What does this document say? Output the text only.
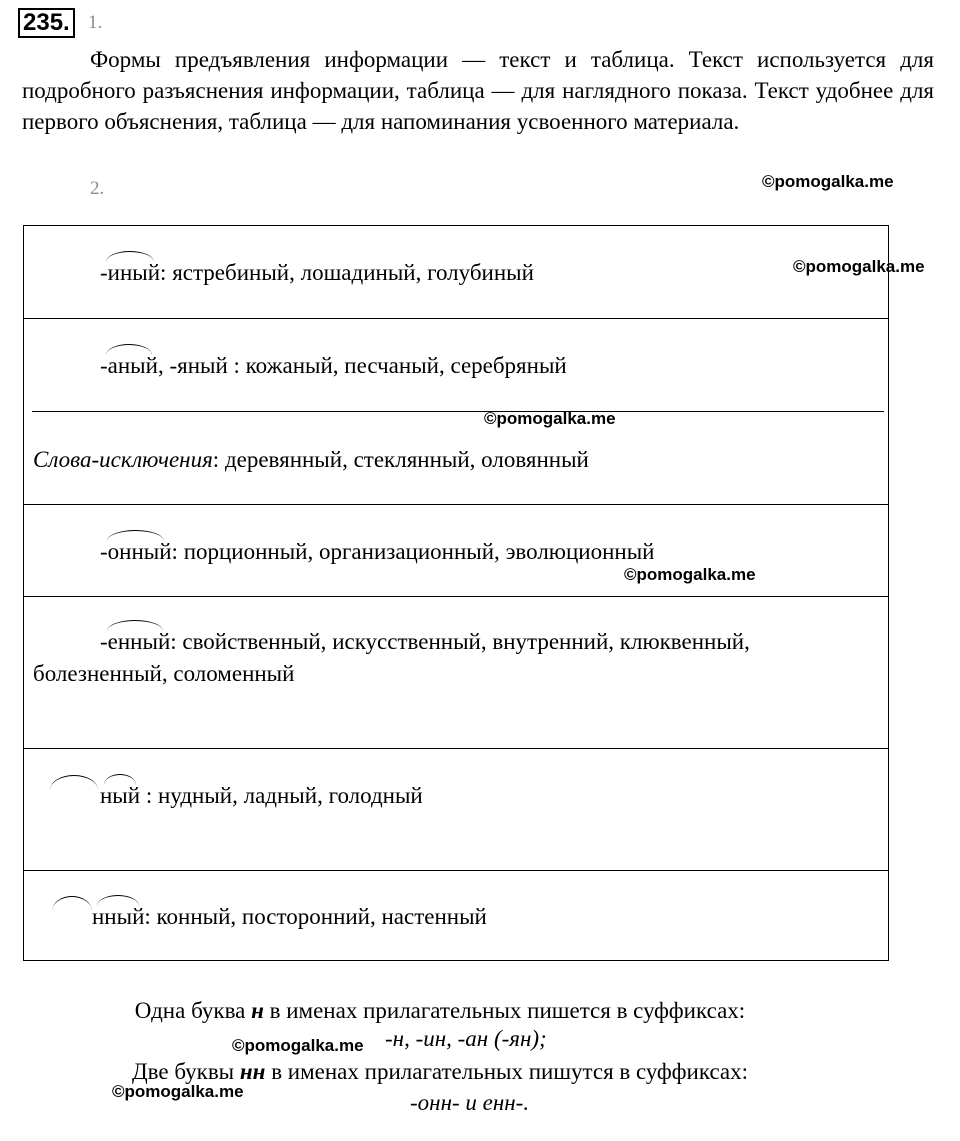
235. 1.
Формы предъявления информации — текст и таблица. Текст используется для подробного разъяснения информации, таблица — для наглядного показа. Текст удобнее для первого объяснения, таблица — для напоминания усвоенного материала.
2.	©pomogalka.me
©pomogalka.me
©pomogalka.me
©pomogalka.me
-иный: ястребиный, лошадиный, голубиный
-аный, -яный : кожаный, песчаный, серебряный
Слова-исключения: деревянный, стеклянный, оловянный
-онный: порционный, организационный, эволюционный
-енный: свойственный, искусственный, внутренний, клюквенный,
болезненный, соломенный
ный : нудный, ладный, голодный
нный: конный, посторонний, настенный
Одна буква н в именах прилагательных пишется в суффиксах:
©pomogalka.me -н, -ин, -ан (-ян);
Две буквы нн в именах прилагательных пишутся в суффиксах:
©pomogalka.me	-онн- и енн-.
